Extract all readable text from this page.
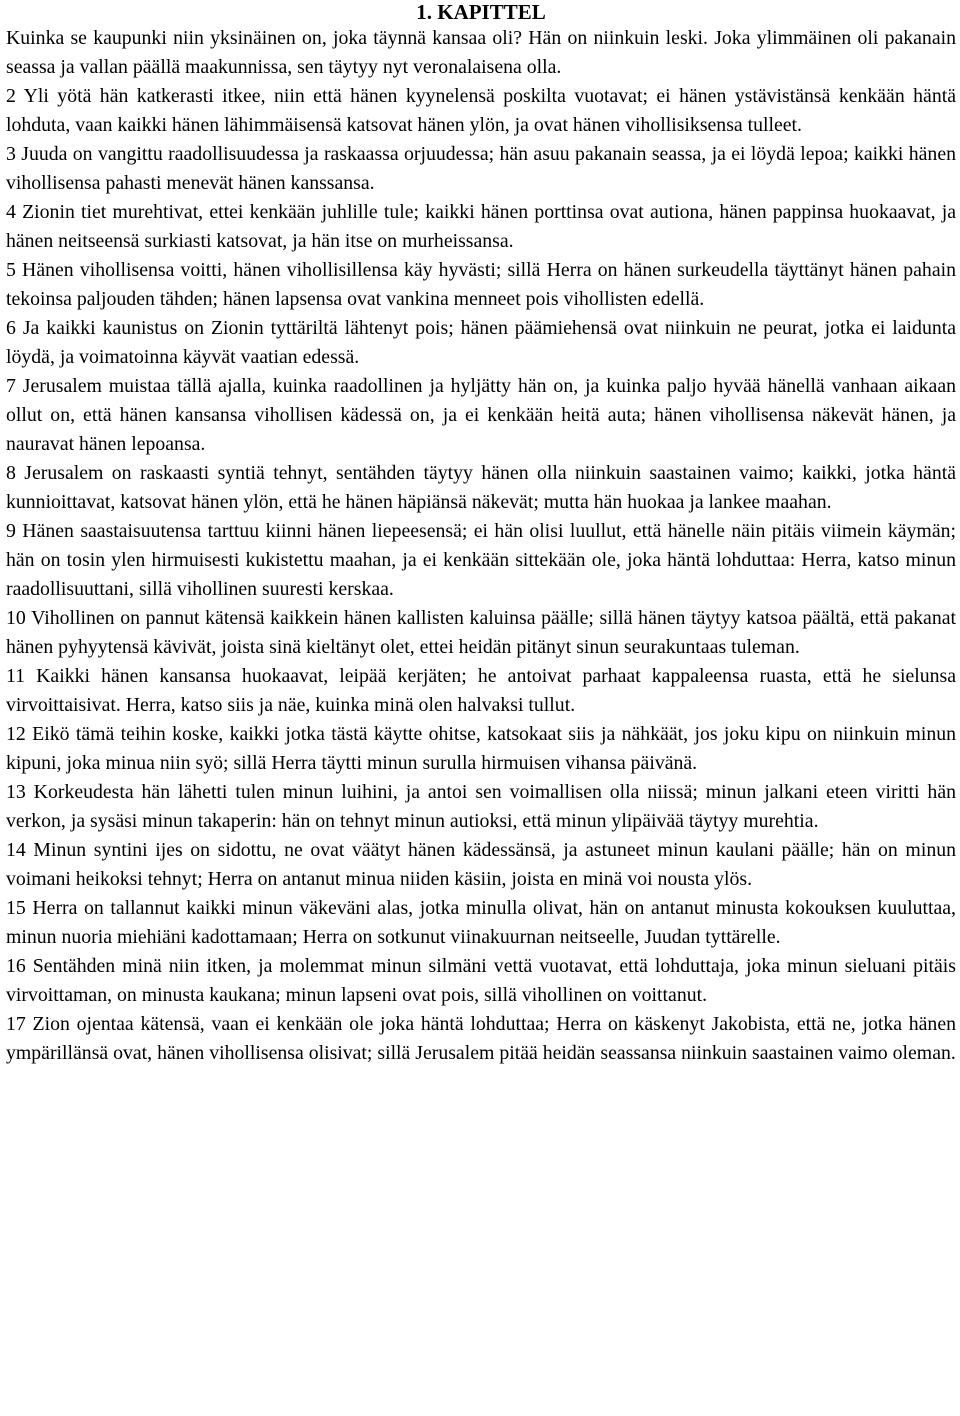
1. KAPITTEL

Kuinka se kaupunki niin yksinäinen on, joka täynnä kansaa oli? Hän on niinkuin leski. Joka ylimmäinen oli pakanain seassa ja vallan päällä maakunnissa, sen täytyy nyt veronalaisena olla.

2 Yli yötä hän katkerasti itkee, niin että hänen kyynelensä poskilta vuotavat; ei hänen ystävistänsä kenkään häntä lohduta, vaan kaikki hänen lähimmäisensä katsovat hänen ylön, ja ovat hänen vihollisiksensa tulleet.

3 Juuda on vangittu raadollisuudessa ja raskaassa orjuudessa; hän asuu pakanain seassa, ja ei löydä lepoa; kaikki hänen vihollisensa pahasti menevät hänen kanssansa.

4 Zionin tiet murehtivat, ettei kenkään juhlille tule; kaikki hänen porttinsa ovat autiona, hänen pappinsa huokaavat, ja hänen neitseensä surkiasti katsovat, ja hän itse on murheissansa.

5 Hänen vihollisensa voitti, hänen vihollisillensa käy hyvästi; sillä Herra on hänen surkeudella täyttänyt hänen pahain tekoinsa paljouden tähden; hänen lapsensa ovat vankina menneet pois vihollisten edellä.

6 Ja kaikki kaunistus on Zionin tyttäriltä lähtenyt pois; hänen päämiehensä ovat niinkuin ne peurat, jotka ei laidunta löydä, ja voimatoinna käyvät vaatian edessä.

7 Jerusalem muistaa tällä ajalla, kuinka raadollinen ja hyljätty hän on, ja kuinka paljo hyvää hänellä vanhaan aikaan ollut on, että hänen kansansa vihollisen kädessä on, ja ei kenkään heitä auta; hänen vihollisensa näkevät hänen, ja nauravat hänen lepoansa.

8 Jerusalem on raskaasti syntiä tehnyt, sentähden täytyy hänen olla niinkuin saastainen vaimo; kaikki, jotka häntä kunnioittavat, katsovat hänen ylön, että he hänen häpiänsä näkevät; mutta hän huokaa ja lankee maahan.

9 Hänen saastaisuutensa tarttuu kiinni hänen liepeesensä; ei hän olisi luullut, että hänelle näin pitäis viimein käymän; hän on tosin ylen hirmuisesti kukistettu maahan, ja ei kenkään sittekään ole, joka häntä lohduttaa: Herra, katso minun raadollisuuttani, sillä vihollinen suuresti kerskaa.

10 Vihollinen on pannut kätensä kaikkein hänen kallisten kaluinsa päälle; sillä hänen täytyy katsoa päältä, että pakanat hänen pyhyytensä kävivät, joista sinä kieltänyt olet, ettei heidän pitänyt sinun seurakuntaas tuleman.

11 Kaikki hänen kansansa huokaavat, leipää kerjäten; he antoivat parhaat kappaleensa ruasta, että he sielunsa virvoittaisivat. Herra, katso siis ja näe, kuinka minä olen halvaksi tullut.

12 Eikö tämä teihin koske, kaikki jotka tästä käytte ohitse, katsokaat siis ja nähkäät, jos joku kipu on niinkuin minun kipuni, joka minua niin syö; sillä Herra täytti minun surulla hirmuisen vihansa päivänä.

13 Korkeudesta hän lähetti tulen minun luihini, ja antoi sen voimallisen olla niissä; minun jalkani eteen viritti hän verkon, ja sysäsi minun takaperin: hän on tehnyt minun autioksi, että minun ylipäivää täytyy murehtia.

14 Minun syntini ijes on sidottu, ne ovat väätyt hänen kädessänsä, ja astuneet minun kaulani päälle; hän on minun voimani heikoksi tehnyt; Herra on antanut minua niiden käsiin, joista en minä voi nousta ylös.

15 Herra on tallannut kaikki minun väkeväni alas, jotka minulla olivat, hän on antanut minusta kokouksen kuuluttaa, minun nuoria miehiäni kadottamaan; Herra on sotkunut viinakuurnan neitseelle, Juudan tyttärelle.

16 Sentähden minä niin itken, ja molemmat minun silmäni vettä vuotavat, että lohduttaja, joka minun sieluani pitäis virvoittaman, on minusta kaukana; minun lapseni ovat pois, sillä vihollinen on voittanut.

17 Zion ojentaa kätensä, vaan ei kenkään ole joka häntä lohduttaa; Herra on käskenyt Jakobista, että ne, jotka hänen ympärillänsä ovat, hänen vihollisensa olisivat; sillä Jerusalem pitää heidän seassansa niinkuin saastainen vaimo oleman.
